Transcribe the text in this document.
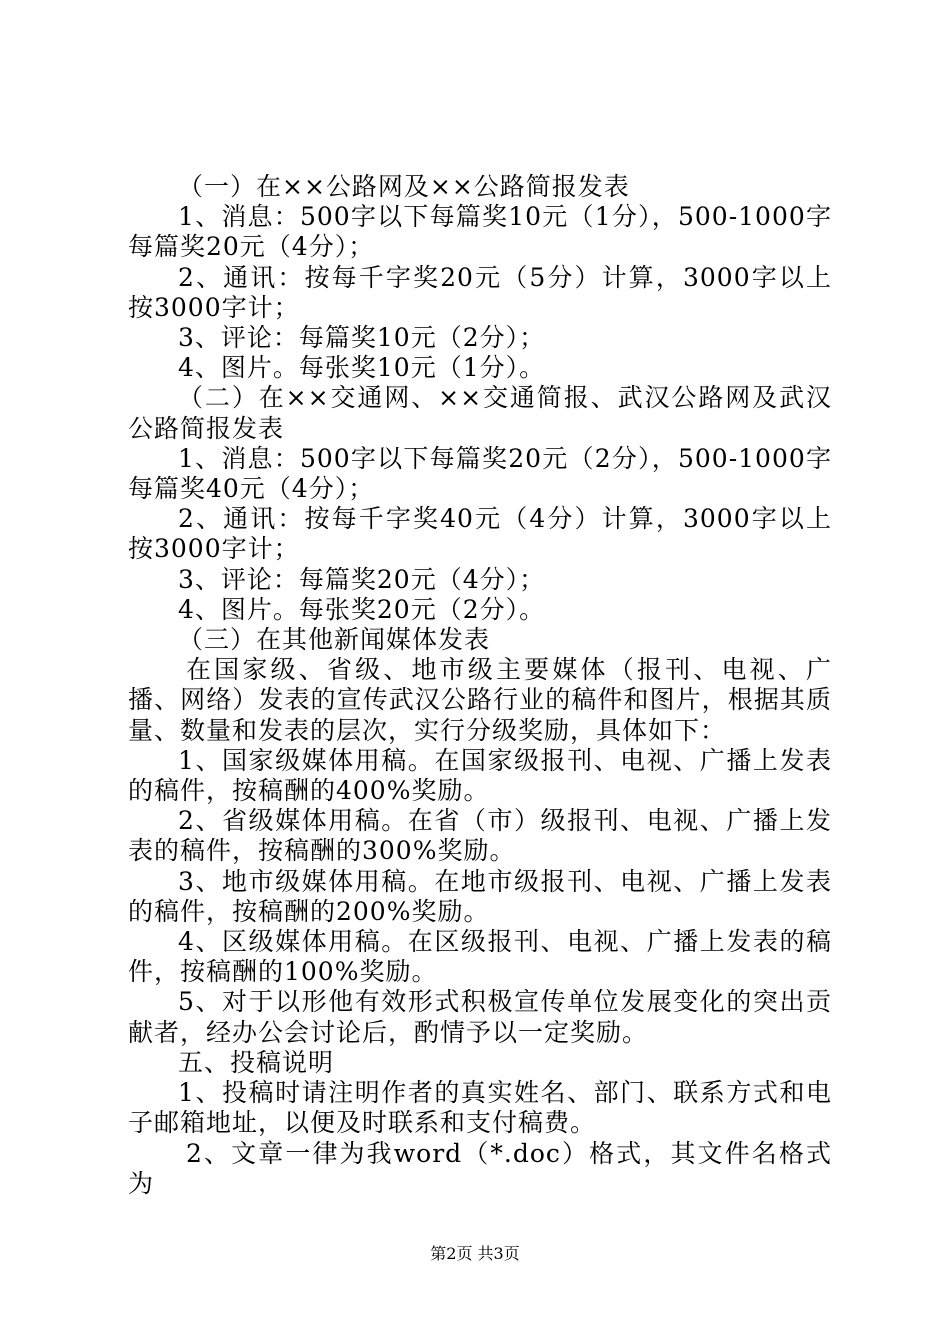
（一）在××公路网及××公路简报发表

1、消息：500字以下每篇奖10元（1分），500-1000字每篇奖20元（4分）；

2、通讯：按每千字奖20元（5分）计算，3000字以上按3000字计；

3、评论：每篇奖10元（2分）；

4、图片。每张奖10元（1分）。

（二）在××交通网、××交通简报、武汉公路网及武汉公路简报发表

1、消息：500字以下每篇奖20元（2分），500-1000字每篇奖40元（4分）；

2、通讯：按每千字奖40元（4分）计算，3000字以上按3000字计；

3、评论：每篇奖20元（4分）；

4、图片。每张奖20元（2分）。

（三）在其他新闻媒体发表

在国家级、省级、地市级主要媒体（报刊、电视、广播、网络）发表的宣传武汉公路行业的稿件和图片，根据其质量、数量和发表的层次，实行分级奖励，具体如下：

1、国家级媒体用稿。在国家级报刊、电视、广播上发表的稿件，按稿酬的400%奖励。

2、省级媒体用稿。在省（市）级报刊、电视、广播上发表的稿件，按稿酬的300%奖励。

3、地市级媒体用稿。在地市级报刊、电视、广播上发表的稿件，按稿酬的200%奖励。

4、区级媒体用稿。在区级报刊、电视、广播上发表的稿件，按稿酬的100%奖励。

5、对于以形他有效形式积极宣传单位发展变化的突出贡献者，经办公会讨论后，酌情予以一定奖励。

五、投稿说明

1、投稿时请注明作者的真实姓名、部门、联系方式和电子邮箱地址，以便及时联系和支付稿费。

2、文章一律为我word（*.doc）格式，其文件名格式为

第2页 共3页
